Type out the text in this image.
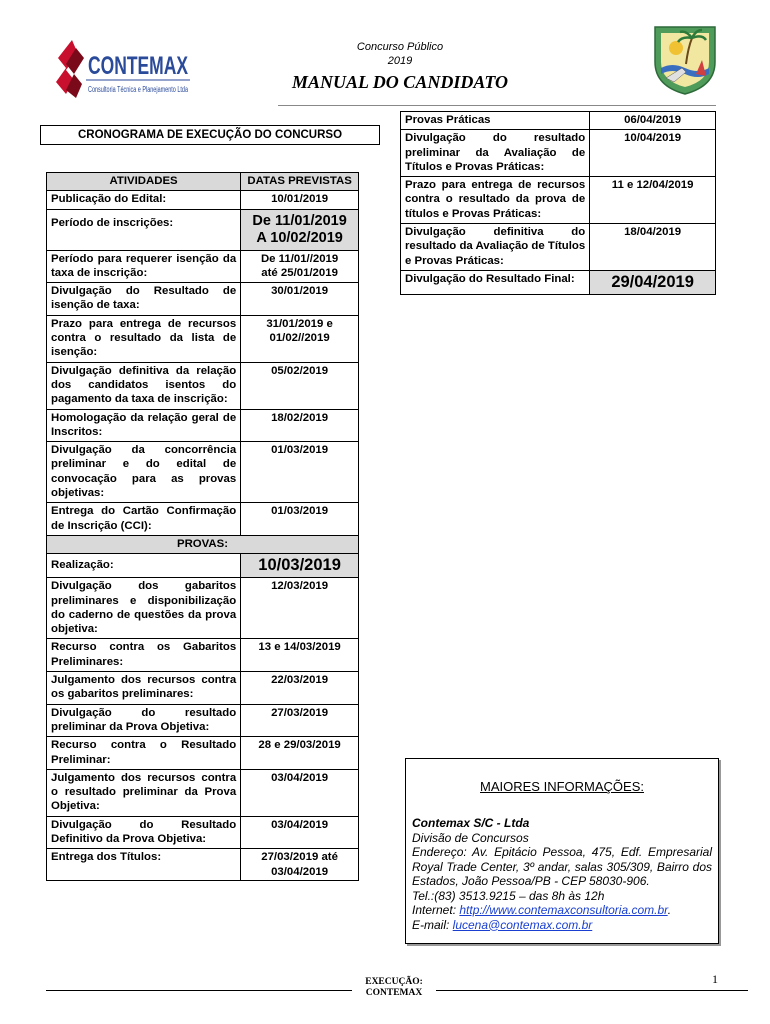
CONTEMAX
Consultoria Técnica e Planejamento Ltda
Concurso Público
2019
MANUAL DO CANDIDATO
CRONOGRAMA DE EXECUÇÃO DO CONCURSO
ATIVIDADES	DATAS PREVISTAS
Publicação do Edital:	10/01/2019
Período de inscrições:	De 11/01/2019 A 10/02/2019
Período para requerer isenção da taxa de inscrição:	De 11/01//2019 até 25/01/2019
Divulgação do Resultado de isenção de taxa:	30/01/2019
Prazo para entrega de recursos contra o resultado da lista de isenção:	31/01/2019 e 01/02//2019
Divulgação definitiva da relação dos candidatos isentos do pagamento da taxa de inscrição:	05/02/2019
Homologação da relação geral de Inscritos:	18/02/2019
Divulgação da concorrência preliminar e do edital de convocação para as provas objetivas:	01/03/2019
Entrega do Cartão Confirmação de Inscrição (CCI):	01/03/2019
PROVAS:	
Realização:	10/03/2019
Divulgação dos gabaritos preliminares e disponibilização do caderno de questões da prova objetiva:	12/03/2019
Recurso contra os Gabaritos Preliminares:	13 e 14/03/2019
Julgamento dos recursos contra os gabaritos preliminares:	22/03/2019
Divulgação do resultado preliminar da Prova Objetiva:	27/03/2019
Recurso contra o Resultado Preliminar:	28 e 29/03/2019
Julgamento dos recursos contra o resultado preliminar da Prova Objetiva:	03/04/2019
Divulgação do Resultado Definitivo da Prova Objetiva:	03/04/2019
Entrega dos Títulos:	27/03/2019 até 03/04/2019
Provas Práticas	06/04/2019
Divulgação do resultado preliminar da Avaliação de Títulos e Provas Práticas:	10/04/2019
Prazo para entrega de recursos contra o resultado da prova de títulos e Provas Práticas:	11 e 12/04/2019
Divulgação definitiva do resultado da Avaliação de Títulos e Provas Práticas:	18/04/2019
Divulgação do Resultado Final:	29/04/2019
MAIORES INFORMAÇÕES:
Contemax S/C - Ltda
Divisão de Concursos
Endereço: Av. Epitácio Pessoa, 475, Edf. Empresarial Royal Trade Center, 3º andar, salas 305/309, Bairro dos Estados, João Pessoa/PB - CEP 58030-906.
Tel.:(83) 3513.9215 – das 8h às 12h
Internet: http://www.contemaxconsultoria.com.br.
E-mail: lucena@contemax.com.br
1
EXECUÇÃO:
CONTEMAX
